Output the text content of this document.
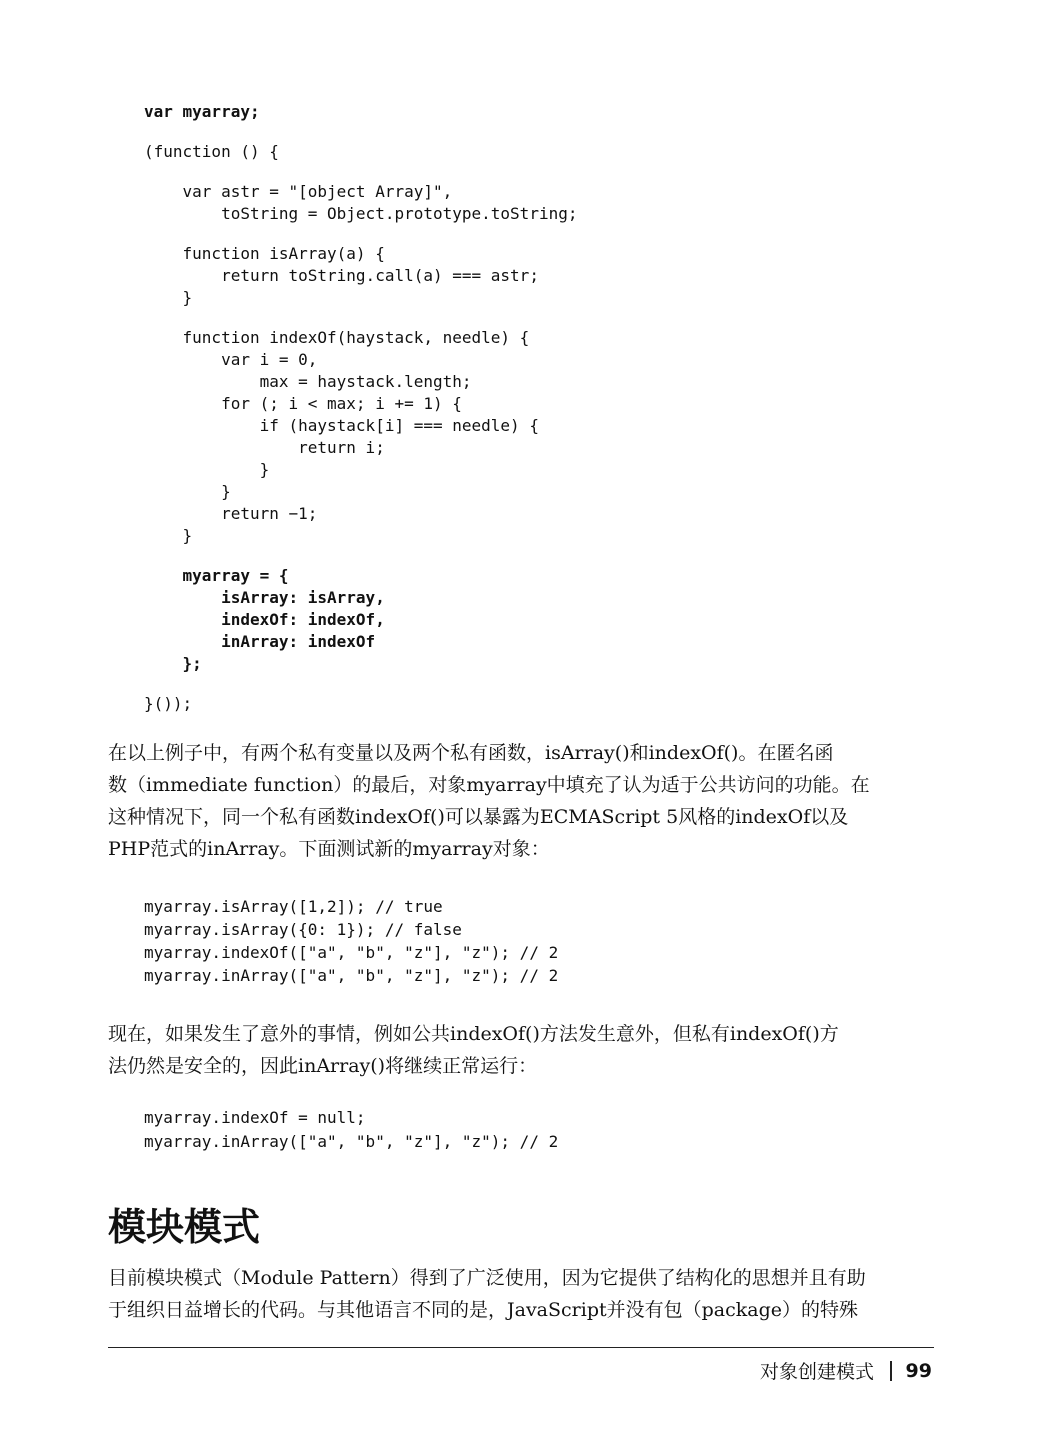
var myarray;
(function () {
var astr = "[object Array]",
toString = Object.prototype.toString;
function isArray(a) {
return toString.call(a) === astr;
}
function indexOf(haystack, needle) {
var i = 0,
max = haystack.length;
for (; i < max; i += 1) {
if (haystack[i] === needle) {
return i;
}
}
return −1;
}
myarray = {
isArray: isArray,
indexOf: indexOf,
inArray: indexOf
};
}());
在以上例子中，有两个私有变量以及两个私有函数，isArray()和indexOf()。在匿名函
数（immediate function）的最后，对象myarray中填充了认为适于公共访问的功能。在
这种情况下，同一个私有函数indexOf()可以暴露为ECMAScript 5风格的indexOf以及
PHP范式的inArray。下面测试新的myarray对象：
myarray.isArray([1,2]); // true
myarray.isArray({0: 1}); // false
myarray.indexOf(["a", "b", "z"], "z"); // 2
myarray.inArray(["a", "b", "z"], "z"); // 2
现在，如果发生了意外的事情，例如公共indexOf()方法发生意外，但私有indexOf()方
法仍然是安全的，因此inArray()将继续正常运行：
myarray.indexOf = null;
myarray.inArray(["a", "b", "z"], "z"); // 2
模块模式
目前模块模式（Module Pattern）得到了广泛使用，因为它提供了结构化的思想并且有助
于组织日益增长的代码。与其他语言不同的是，JavaScript并没有包（package）的特殊
对象创建模式 99
